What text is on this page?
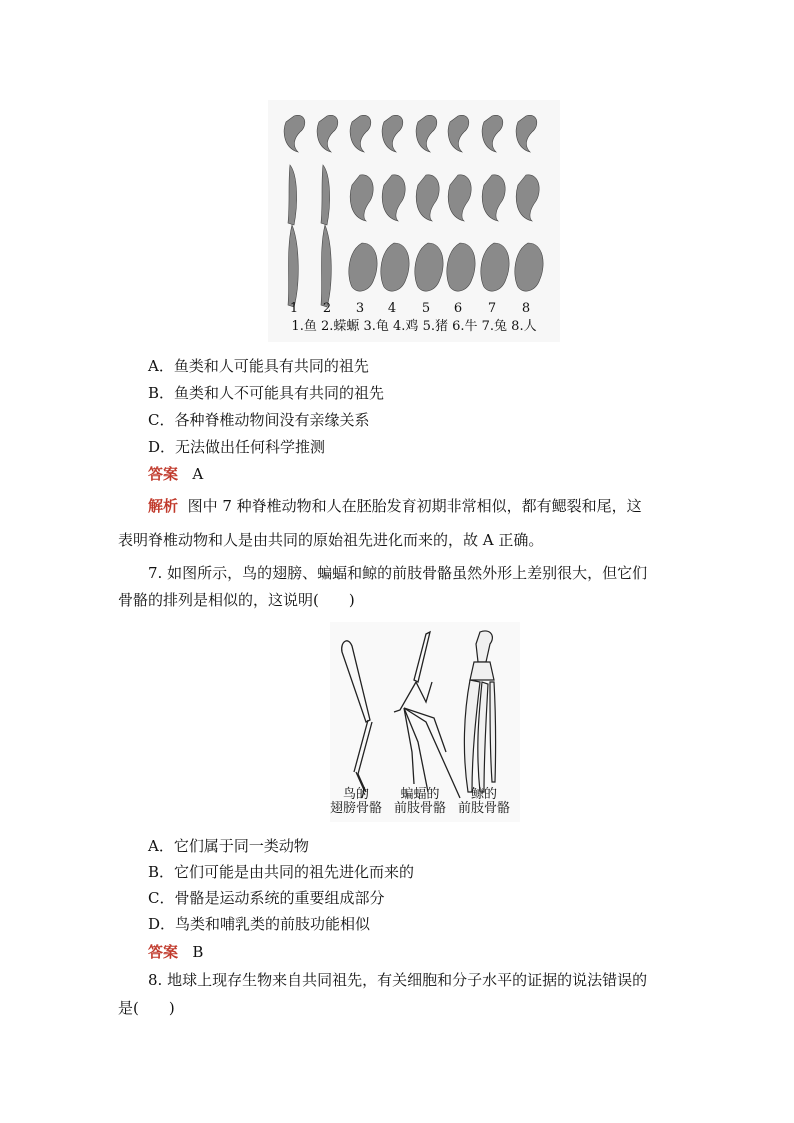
1 2 3 4 5 6 7 8
1.鱼 2.蝾螈 3.龟 4.鸡 5.猪 6.牛 7.兔 8.人
A．鱼类和人可能具有共同的祖先
B．鱼类和人不可能具有共同的祖先
C．各种脊椎动物间没有亲缘关系
D．无法做出任何科学推测
答案 A
解析 图中 7 种脊椎动物和人在胚胎发育初期非常相似，都有鳃裂和尾，这
表明脊椎动物和人是由共同的原始祖先进化而来的，故 A 正确。
7. 如图所示，鸟的翅膀、蝙蝠和鲸的前肢骨骼虽然外形上差别很大，但它们
骨骼的排列是相似的，这说明(　　)
鸟的
翅膀骨骼
蝙蝠的
前肢骨骼
鲸的
前肢骨骼
A．它们属于同一类动物
B．它们可能是由共同的祖先进化而来的
C．骨骼是运动系统的重要组成部分
D．鸟类和哺乳类的前肢功能相似
答案 B
8. 地球上现存生物来自共同祖先，有关细胞和分子水平的证据的说法错误的
是(　　)
